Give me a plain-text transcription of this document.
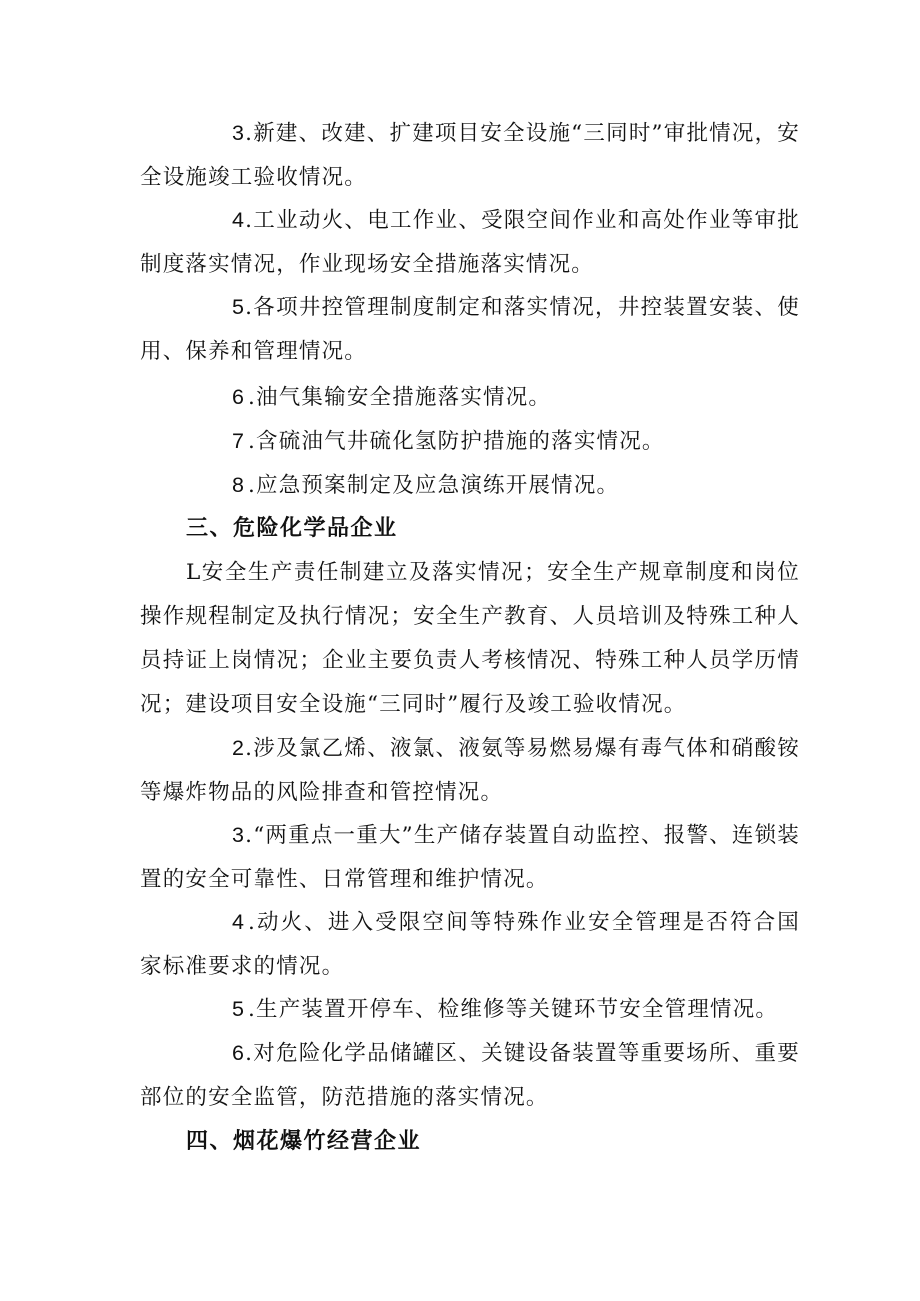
3.新建、改建、扩建项目安全设施“三同时”审批情况，安全设施竣工验收情况。

4.工业动火、电工作业、受限空间作业和高处作业等审批制度落实情况，作业现场安全措施落实情况。

5.各项井控管理制度制定和落实情况，井控装置安装、使用、保养和管理情况。

6 .油气集输安全措施落实情况。

7 .含硫油气井硫化氢防护措施的落实情况。

8 .应急预案制定及应急演练开展情况。

三、危险化学品企业

L安全生产责任制建立及落实情况；安全生产规章制度和岗位操作规程制定及执行情况；安全生产教育、人员培训及特殊工种人员持证上岗情况；企业主要负责人考核情况、特殊工种人员学历情况；建设项目安全设施“三同时”履行及竣工验收情况。

2.涉及氯乙烯、液氯、液氨等易燃易爆有毒气体和硝酸铵等爆炸物品的风险排查和管控情况。

3.“两重点一重大”生产储存装置自动监控、报警、连锁装置的安全可靠性、日常管理和维护情况。

4 .动火、进入受限空间等特殊作业安全管理是否符合国家标准要求的情况。

5 .生产装置开停车、检维修等关键环节安全管理情况。

6.对危险化学品储罐区、关键设备装置等重要场所、重要部位的安全监管，防范措施的落实情况。

四、烟花爆竹经营企业
